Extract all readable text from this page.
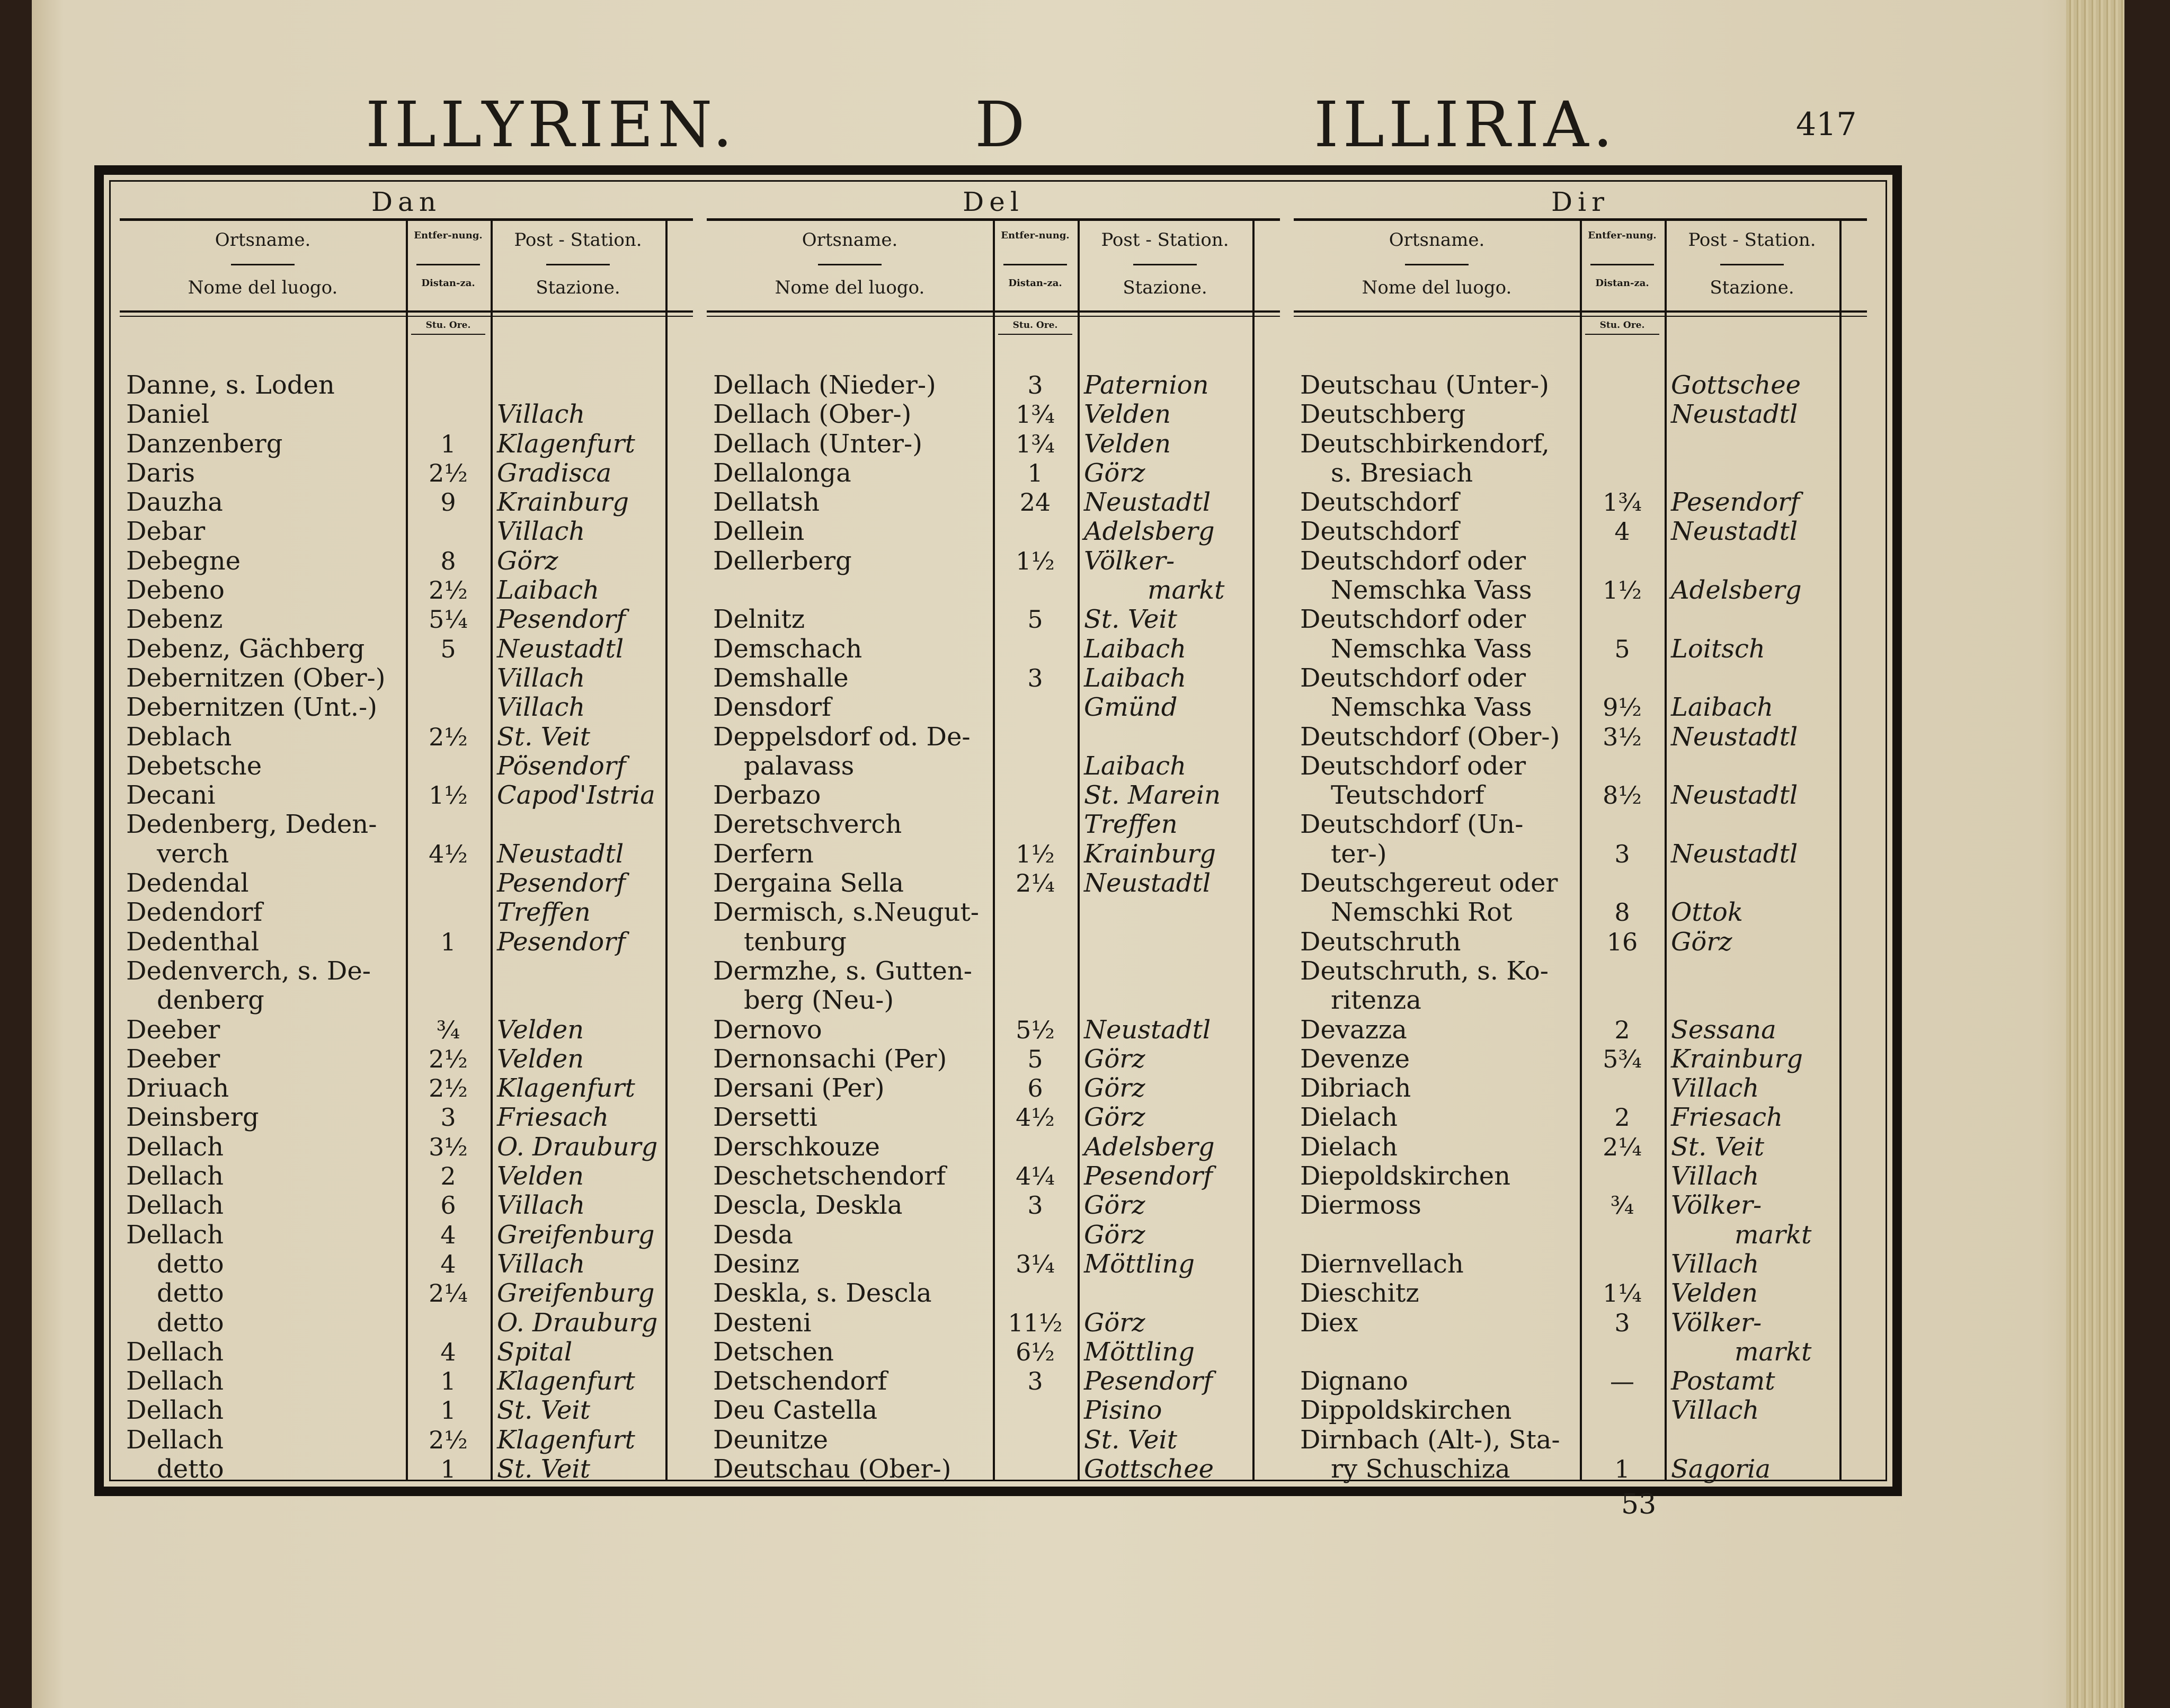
ILLYRIEN.	D	ILLIRIA.	417
Dan
Ortsname.
Nome del luogo.
Entfer-nung.
Distan-za.
Post - Station.
Stazione.
Stu. Ore.
Danne, s. Loden
Daniel	Villach
Danzenberg	1	Klagenfurt
Daris	2½	Gradisca
Dauzha	9	Krainburg
Debar	Villach
Debegne	8	Görz
Debeno	2½	Laibach
Debenz	5¼	Pesendorf
Debenz, Gächberg	5	Neustadtl
Debernitzen (Ober-)	Villach
Debernitzen (Unt.-)	Villach
Deblach	2½	St. Veit
Debetsche	Pösendorf
Decani	1½	Capod'Istria
Dedenberg, Deden-
verch	4½	Neustadtl
Dedendal	Pesendorf
Dedendorf	Treffen
Dedenthal	1	Pesendorf
Dedenverch, s. De-
denberg
Deeber	¾	Velden
Deeber	2½	Velden
Driuach	2½	Klagenfurt
Deinsberg	3	Friesach
Dellach	3½	O. Drauburg
Dellach	2	Velden
Dellach	6	Villach
Dellach	4	Greifenburg
detto	4	Villach
detto	2¼	Greifenburg
detto	O. Drauburg
Dellach	4	Spital
Dellach	1	Klagenfurt
Dellach	1	St. Veit
Dellach	2½	Klagenfurt
detto	1	St. Veit
Del
Ortsname.
Nome del luogo.
Entfer-nung.
Distan-za.
Post - Station.
Stazione.
Stu. Ore.
Dellach (Nieder-)	3	Paternion
Dellach (Ober-)	1¾	Velden
Dellach (Unter-)	1¾	Velden
Dellalonga	1	Görz
Dellatsh	24	Neustadtl
Dellein	Adelsberg
Dellerberg	1½	Völker-
markt
Delnitz	5	St. Veit
Demschach	Laibach
Demshalle	3	Laibach
Densdorf	Gmünd
Deppelsdorf od. De-
palavass	Laibach
Derbazo	St. Marein
Deretschverch	Treffen
Derfern	1½	Krainburg
Dergaina Sella	2¼	Neustadtl
Dermisch, s.Neugut-
tenburg
Dermzhe, s. Gutten-
berg (Neu-)
Dernovo	5½	Neustadtl
Dernonsachi (Per)	5	Görz
Dersani (Per)	6	Görz
Dersetti	4½	Görz
Derschkouze	Adelsberg
Deschetschendorf	4¼	Pesendorf
Descla, Deskla	3	Görz
Desda	Görz
Desinz	3¼	Möttling
Deskla, s. Descla
Desteni	11½ Görz
Detschen	6½	Möttling
Detschendorf	3	Pesendorf
Deu Castella	Pisino
Deunitze	St. Veit
Deutschau (Ober-)	Gottschee
Dir
Ortsname.
Nome del luogo.
Entfer-nung.
Distan-za.
Post - Station.
Stazione.
Stu. Ore.
Deutschau (Unter-)	Gottschee
Deutschberg	Neustadtl
Deutschbirkendorf,
s. Bresiach
Deutschdorf	1¾	Pesendorf
Deutschdorf	4	Neustadtl
Deutschdorf oder
Nemschka Vass	1½	Adelsberg
Deutschdorf oder
Nemschka Vass	5	Loitsch
Deutschdorf oder
Nemschka Vass	9½	Laibach
Deutschdorf (Ober-)	3½	Neustadtl
Deutschdorf oder
Teutschdorf	8½	Neustadtl
Deutschdorf (Un-
ter-)	3	Neustadtl
Deutschgereut oder
Nemschki Rot	8	Ottok
Deutschruth	16	Görz
Deutschruth, s. Ko-
ritenza
Devazza	2	Sessana
Devenze	5¾	Krainburg
Dibriach	Villach
Dielach	2	Friesach
Dielach	2¼	St. Veit
Diepoldskirchen	Villach
Diermoss	¾	Völker-
markt
Diernvellach	Villach
Dieschitz	1¼	Velden
Diex	3	Völker-
markt
Dignano	—	Postamt
Dippoldskirchen	Villach
Dirnbach (Alt-), Sta-
ry Schuschiza	1	Sagoria
53
